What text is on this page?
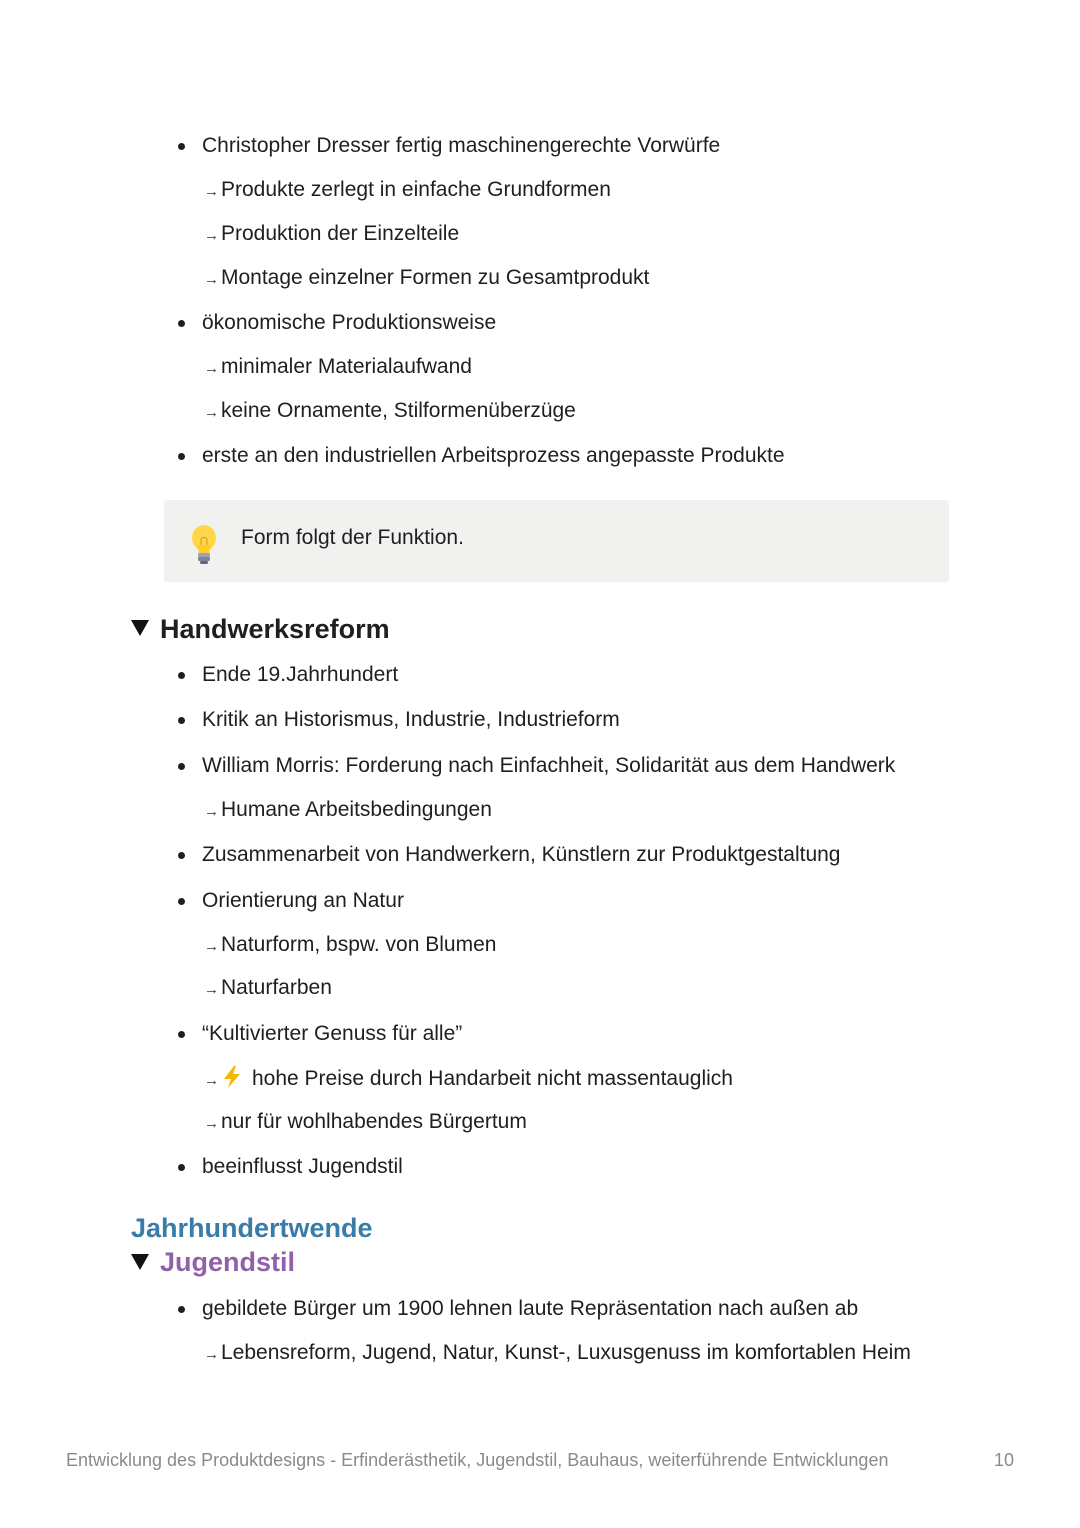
Christopher Dresser fertig maschinengerechte Vorwürfe
→Produkte zerlegt in einfache Grundformen
→Produktion der Einzelteile
→Montage einzelner Formen zu Gesamtprodukt
ökonomische Produktionsweise
→minimaler Materialaufwand
→keine Ornamente, Stilformenüberzüge
erste an den industriellen Arbeitsprozess angepasste Produkte
Form folgt der Funktion.
Handwerksreform
Ende 19.Jahrhundert
Kritik an Historismus, Industrie, Industrieform
William Morris: Forderung nach Einfachheit, Solidarität aus dem Handwerk
→Humane Arbeitsbedingungen
Zusammenarbeit von Handwerkern, Künstlern zur Produktgestaltung
Orientierung an Natur
→Naturform, bspw. von Blumen
→Naturfarben
“Kultivierter Genuss für alle”
→ hohe Preise durch Handarbeit nicht massentauglich
→nur für wohlhabendes Bürgertum
beeinflusst Jugendstil
Jahrhundertwende
Jugendstil
gebildete Bürger um 1900 lehnen laute Repräsentation nach außen ab
→Lebensreform, Jugend, Natur, Kunst-, Luxusgenuss im komfortablen Heim
Entwicklung des Produktdesigns - Erfinderästhetik, Jugendstil, Bauhaus, weiterführende Entwicklungen	10
